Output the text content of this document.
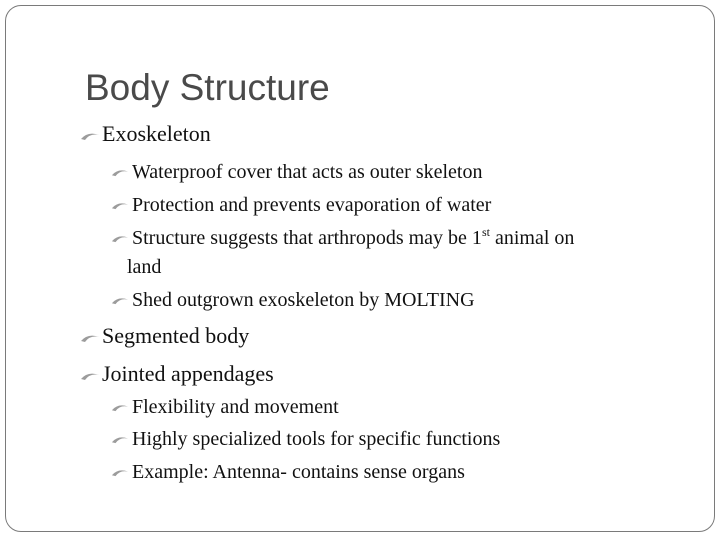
Body Structure
Exoskeleton
Waterproof cover that acts as outer skeleton
Protection and prevents evaporation of water
Structure suggests that arthropods may be 1st animal on
land
Shed outgrown exoskeleton by MOLTING
Segmented body
Jointed appendages
Flexibility and movement
Highly specialized tools for specific functions
Example: Antenna- contains sense organs
